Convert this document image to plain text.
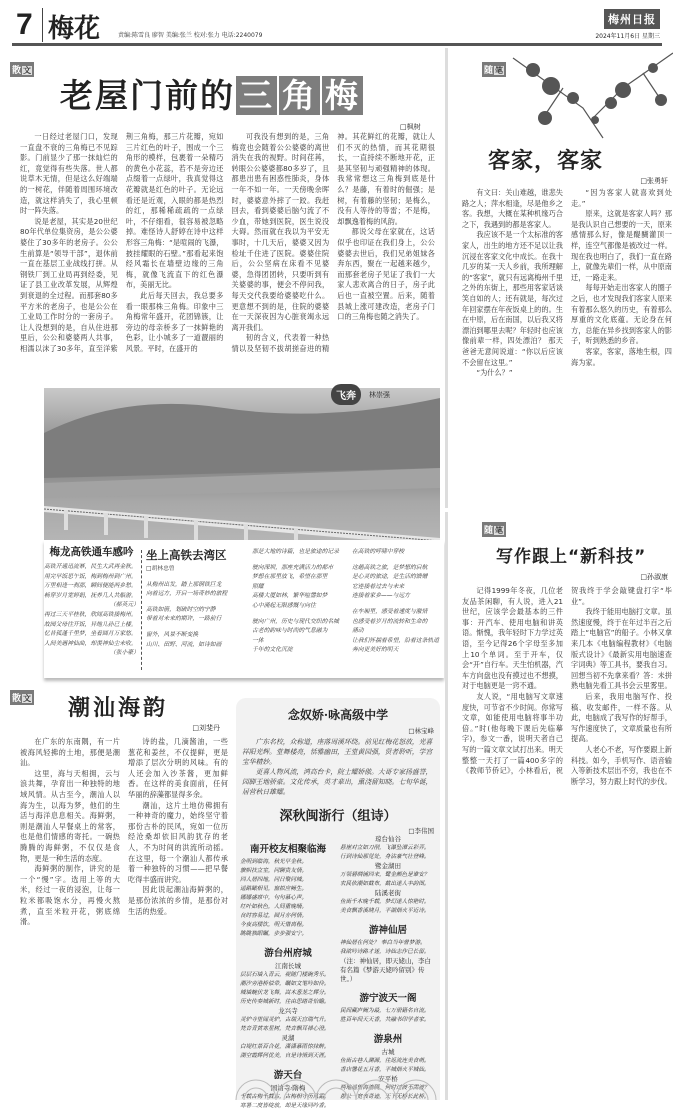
7 梅花	责编:陈雪良 廖智 美编:张兰 校对:张力 电话:2240079
梅州日报
2024年11月6日 星期三
散 文
老屋门前的 三 角 梅
□枫树

一日经过老屋门口，发现一直盘不衰的三角梅已不见踪影。门前显少了那一抹灿烂的红，竟觉得有些失落。世人都说草木无情，但是这么好端端的一树花，伴随着周围环境改造，就这样消失了，我心里顿时一阵失落。

说是老屋，其实是20世纪80年代单位集资房，是公公婆婆住了30多年的老房子。公公生前算是“领导干部”，退休前一直在基层工业战线打拼。从钢铁厂到工业局再到经委，见证了县工业改革发展，从辉煌到衰退的全过程。而那套80多平方米的老房子，也是公公在工业局工作时分的一套房子。让人没想到的是，自从住进那里后，公公和婆婆两人共事，相濡以沫了30多年，直至洋紫荆三角梅，那三片花瓣，宛如三片红色的叶子，围成一个三角形的模样，包裹着一朵精巧的黄色小花蕊，若不是旁边还点缀着一点绿叶，我真觉得这花瓣就是红色的叶子。无论远看还是近观，入眼的都是热烈的红，那稀稀疏疏的一点绿叶，不仔细看，很容易被忽略掉。难怪诗人舒婷在诗中这样形容三角梅：“是喧闹的飞瀑，披挂耀眼的石壁。”那看起来饱经风霜长在墙壁边缘的三角梅，就像飞流直下的红色瀑布，美丽无比。

此后每天回去，我总要多看一眼那株三角梅。印象中三角梅常年盛开，花团锦簇，让旁边的母亲桥多了一抹鲜艳的色彩，让小城多了一道靓丽的风景。平时，在盛开的

可我没有想到的是，三角梅竟也会随着公公婆婆的离世消失在我的视野。时间荏苒，转眼公公婆婆都80多岁了，且都患出患有困惑性肺炎，身体一年不如一年。一天傍晚余晖时，婆婆意外摔了一跤。我赶回去，看到婆婆后脑勺流了不少血，带她到医院，医生说没大碍。然而就在我以为平安无事时，十几天后，婆婆又因为检址千住进了医院。婆婆住院后，公公坚病在床看不见婆婆，急得团团转，只要听到有关婆婆的事，便会不停问我，每天交代我要给婆婆吃什么。更意想不到的是，住院的婆婆在一天深夜因为心脏衰竭永远离开我们。

韧的含义，代表着一种热情以及坚韧不拔胡搓奋进的精神。其花鲜红的花瓣，就让人们不灭的热情，而其花期很长，一直持续不断地开花，正是其坚韧与顽强精神的体现。我常常想这三角梅到底是什么？是藤，有着时的倔强；是树，有着藤的坚韧；是梅么，没有人等待的等雷；不是梅，却飘逸着梅的风韵。

都说父母在家就在，这话似乎也印证在我们身上，公公婆婆去世后，我们兄弟姐妹各奔东西，聚在一起越来越少，而那套老房子见证了我们一大家人悲欢离合的日子，房子此后也一直被空置。后来，随着县城上涨可建改造，老房子门口的三角梅也随之消失了。

飞奔	林崇强
梅龙高铁通车感吟
高铁开通迅流幂，民生大武再金秋。
用完早饭思午饭，梅到梅州到广州。
万里相逢一刹那，瞬间便能两乡愁。
畅穿岁月宽婷娟，抚养几人共船游。
（郝英元）
再过三天平桂秋，欣闻高铁接梅州。
故园父母往开饭，异地儿孙已上楼。
忆昔孤蓬千里梦，坐看圆月万家悠。
人间美遇神仙曲，却羡神仙尘未收。
（张小豪）
坐上高铁去湾区
□胡林忠曾
从梅州出发，踏上那钢铁巨龙
向着远方，开启一场奇妙的旅程
高铁如箭，划破时空的宁静
带着对未来的期许，一路前行
窗外，风景不断变换
山川、田野、河流，如诗如画
那是大地的诗篇，也是旅途的记录
驶向深圳，那座充满活力的都市
梦想在那里放飞，希望在那里
照耀
高楼大厦如林，繁华喧嚣如梦
心中涌起无限感慨与向往
驶向广州，历史与现代交织的名城
古老的韵味与时尚的气息融为
一体
千年的文化沉淀
在高铁的呼啸中穿梭
这趟高铁之旅，是梦想的启航
是心灵的旅途，是生活的馈赠
它连接着过去与未来
连接着家乡——与远方
在车厢里，感受着速度与激情
也感受着岁月的流转和生命的
涌动
让我们怀揣着希望，沿着这条轨道
奔向更美好的明天
散 文 潮汕海韵
□刘斐丹

在广东的东南隅，有一片被海风轻拂的土地，那便是潮汕。

这里，海与天相拥，云与浪共舞，孕育出一种独特的地域风情。从古至今，潮汕人以海为生，以海为梦，他们的生活与海洋息息相关。海鲜粥，则是潮汕人早餐桌上的常客，也是他们情感的寄托。一碗热腾腾的海鲜粥，不仅仅是食物，更是一种生活的态度。

海鲜粥的制作，讲究的是一个“慢”字。选用上等的大米，经过一夜的浸泡，让每一粒米都吸饱水分，再慢火熬煮，直至米粒开花，粥底绵滑。

诗的盐，几滴酱油，一些葱花和姜丝，不仅提鲜，更是增添了层次分明的风味。有的人还会加入沙茶酱，更加鲜香。在这样的美食面前，任何华丽的辞藻都显得多余。

潮汕，这片土地仿佛拥有一种神奇的魔力，始终坚守着那份古朴的民风，宛如一位历经沧桑却依旧风韵犹存的老人，不为时间的洪流所动摇。在这里，每一个潮汕人都传承着一种独特的习惯——把早餐吃得丰盛而讲究。

因此说起潮汕海鲜粥的，是那份浓浓的乡情，是那份对生活的热爱。

念奴娇·咏高级中学
□林宝峰

广东名校，众称道，座落周溪环绕。前见红梅花怒放，光喜祥阳光辉。堂舞楼亮，恬雅幽田，王堂黄园强，贤者聆听，学宫宝华精妙。

更喜人物风流，鸿高台卡，院士耀娇傲。大哥专家扬盛誉，园脚王地骄豪。文化传承，英才辈出，熏浇留知晓。七旬华诞，居营秋日雄耀。

深秋闽浙行（组诗）
□李伟国
南开校友相聚临海
金明到临海，秋光早金秋。
旗帜扶立室，同聊贵友情。
四人居四地，同日聚同城。
遥路瞰相见，窗拟应畅生。
娜娜盛席中，句句慕心声。
红叶如秋色，人间重晚晴。
良时容易过，圆月亦何情。
今夜高楼饮，明天惜离程。
眺眺独眼瞩，步步强安宁。
游台州府城
江南长城
层层石墙入青云，视随门楼碗秀乐。
潮汐旁港桥似带，瞩如文笔吟如伶。
城墙蜿伏龙飞舞，嵩木葱茏之辉分。
历史传奏城新时，往由思绪奇怡瞻。
龙兴寺
灵炉寺里闻灵炉，古瑞天宫瑞气升。
梵音青黄寒星树，梵音飘耳禅心澄。
灵湖
白堤红景百合花，潇潇慕雨惊抹醉。
湖空霞辉何优美，自是诗情到天涯。
游天台
国清寺·隋梅
千载古梅千载古，古梅相守历风霜。
寒暑二度皆绽放，却是天缘同吟香。
琼台仙谷
悬崖对立如刀削，飞瀑坠潭云彩弄。
行到诗仙那觉处，身沾豪气壮登峰。
鹭金湖田
万领碧绸铺四来，鹭金颜色是谁安？
农民依潮如截布，截出迷人丰韵图。
陆溪老街
鱼街千木晚千载，梦幻迷人惊艳时。
美食飘香溪晓月，平湖烟火平近诗。
游神仙居
神仙居在何处？ 奉白当年曾梦游。
我欲吟诗路才迷，诗仙志作已长留。
（注：神仙居，即天姥山，李白有名篇《梦游天姥吟留别》传世。）
游宁波天一阁
民间藏庐阙为最，七万册籍名自流。
胜百年间天天香，共融书印学者家。
游泉州
古城
鱼街古巷人渊源，往返流连美食萌。
香店馨花五月香，平城烟火平城仙。
安平桥
两地遥望海湾隔，何时过渡不需渡？
愚公一宽表奇迹，天下无桥长此桥。
随 笔
客家，客家
□张勇轩

有文曰：关山难越，谁悲失路之人；萍水相逢，尽是他乡之客。我想，大概在某种机缘巧合之下，我遇到的都是客家人。

我应该不是一个太标准的客家人，出生的地方还不足以让我沉浸在客家文化中成长。在我十几岁的某一天人乡前，我所理解的“客家”，就只有远离梅州千里之外的东街上，那些用客家话谈笑自如的人；还有就是，每次过年回家摆在年夜饭桌上的的。生在中原，后在南国，以后我又将漂泊到哪里去呢？年轻时也应该像前辈一样，四处漂泊？ 那天爸爸无意间说道：“你以后应该不会留在这里。”

“为什么？”

“因为客家人就喜欢到处走。”

原来，这就是客家人吗？那是我认识自己想要的一天，原来感情那么好，像是醍醐灌顶一样，连空气都像是被改过一样。现在我也明白了，我们一直在路上，就像先辈们一样，从中原南迁，一路走来。

每每开始走出客家人的圈子之后，也才发现我们客家人原来有着那么悠久的历史，有着那么厚重的文化底蕴。无论身在何方，总能在异乡找到客家人的影子，听到熟悉的乡音。

客家，客家，落地生根，四海为家。

随 笔
写作跟上“新科技”
□孙淑康

记得1999年冬夜，几位老友品茶闲聊，有人说，进入21世纪，应该学会最基本的三件事：开汽车、使用电脑和讲英语。惭愧，我年轻时下力学过英语，至今记得26个字母至多加上10个单词。至于开车，仅会“开”自行车。天生怕机器，汽车方向盘也没有摸过也不想摸，对于电脑更是一窍不通。

友人说，“用电脑写文章速度快，可节省不少时间。你常写文章，如能使用电脑将事半功倍。”时(他每晚下课后先临摹字)，参文一番，说明天者自己写的一篇文章文试打出来。明天整整一天打了一篇400多字的《教师节侨记》，小林看后，祝贺我终于学会敲键盘打字“毕业”。

我终于能用电脑打文章。虽然速度慢，终于在年过半百之后踏上“电脑官”的船子。小林又拿来几本《电脑编程教材》《电脑版式设计》《最新实用电脑速查字词典》等工具书，要我自习。回想当初不先拿来看？答：未拼熟电脑先看工具书会云里雾里。

后来，我用电脑写作、投稿、收发邮件，一样不落。从此，电脑成了我写作的好帮手，写作速度快了，文章质量也有所提高。

人老心不老，写作要跟上新科技。如今，手机写作、语音输入等新技术层出不穷，我也在不断学习，努力跟上时代的步伐。
